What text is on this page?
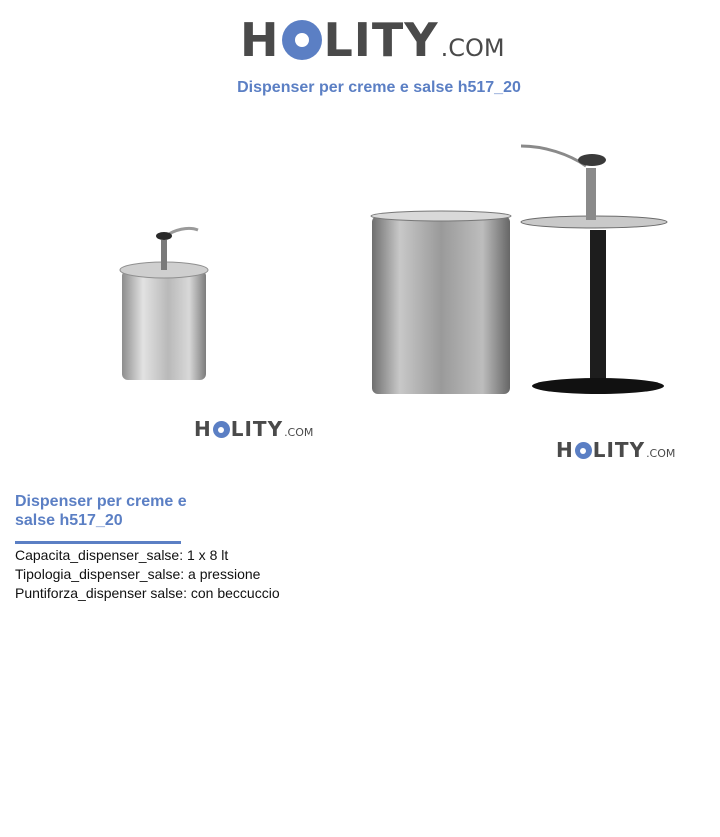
H LITY .COM
Dispenser per creme e salse h517_20
H LITY .COM
H LITY .COM
Dispenser per creme e salse h517_20
Capacita_dispenser_salse: 1 x 8 lt
Tipologia_dispenser_salse: a pressione
Puntiforza_dispenser salse: con beccuccio
